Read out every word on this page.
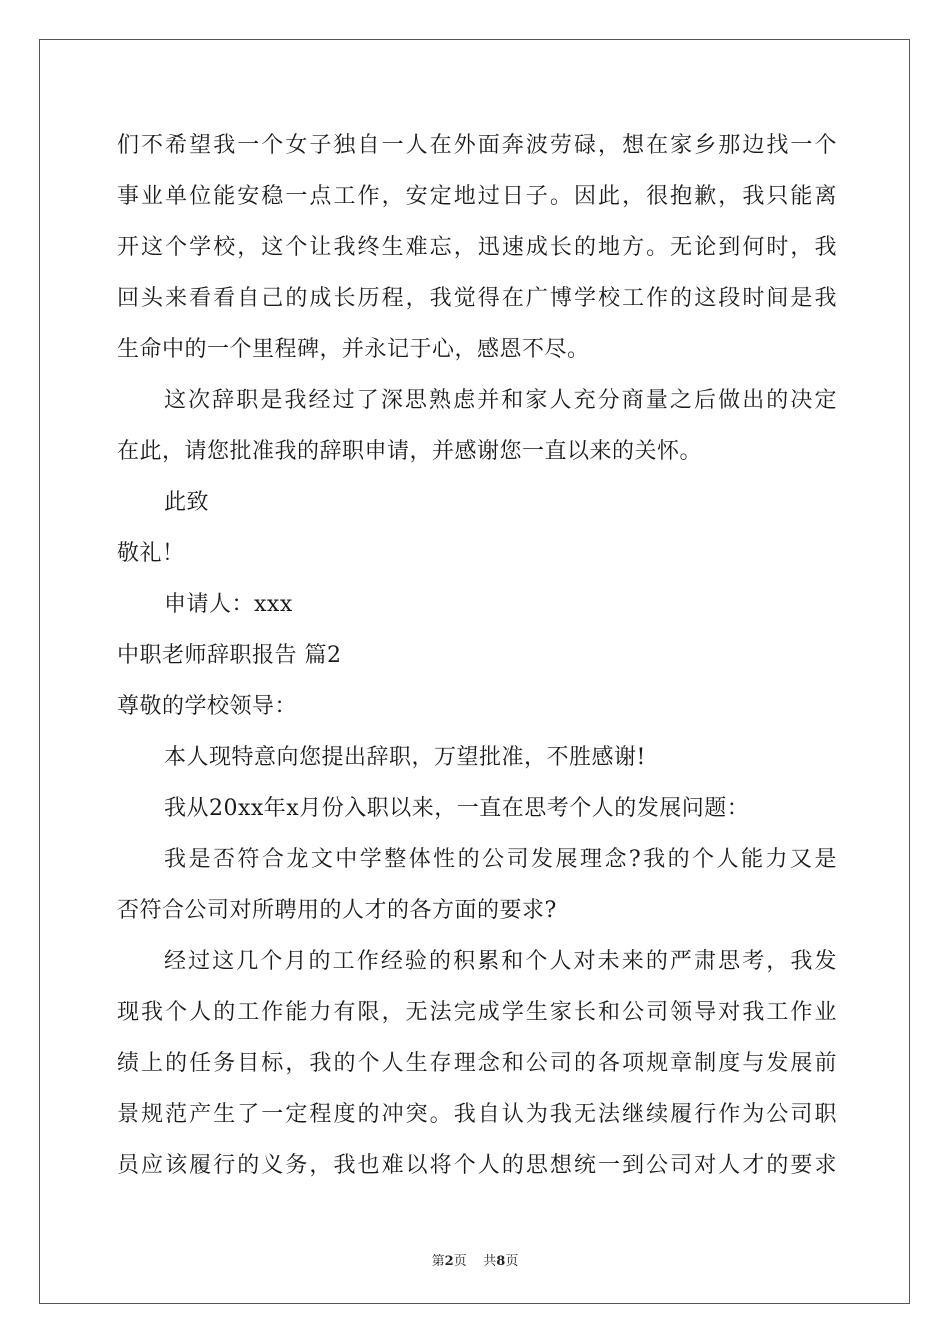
们不希望我一个女子独自一人在外面奔波劳碌，想在家乡那边找一个
事业单位能安稳一点工作，安定地过日子。因此，很抱歉，我只能离
开这个学校，这个让我终生难忘，迅速成长的地方。无论到何时，我
回头来看看自己的成长历程，我觉得在广博学校工作的这段时间是我
生命中的一个里程碑，并永记于心，感恩不尽。
这次辞职是我经过了深思熟虑并和家人充分商量之后做出的决定
在此，请您批准我的辞职申请，并感谢您一直以来的关怀。
此致
敬礼！
申请人：xxx
中职老师辞职报告 篇2
尊敬的学校领导：
本人现特意向您提出辞职，万望批准，不胜感谢!
我从20xx年x月份入职以来，一直在思考个人的发展问题：
我是否符合龙文中学整体性的公司发展理念?我的个人能力又是
否符合公司对所聘用的人才的各方面的要求?
经过这几个月的工作经验的积累和个人对未来的严肃思考，我发
现我个人的工作能力有限，无法完成学生家长和公司领导对我工作业
绩上的任务目标，我的个人生存理念和公司的各项规章制度与发展前
景规范产生了一定程度的冲突。我自认为我无法继续履行作为公司职
员应该履行的义务，我也难以将个人的思想统一到公司对人才的要求
第2页 共8页
